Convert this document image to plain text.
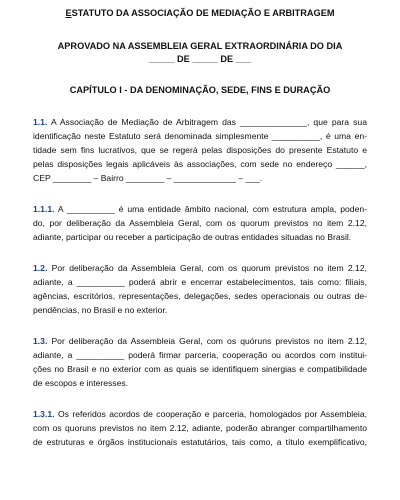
ESTATUTO DA ASSOCIAÇÃO DE MEDIAÇÃO E ARBITRAGEM
APROVADO NA ASSEMBLEIA GERAL EXTRAORDINÁRIA DO DIA
_____ DE _____ DE ___
CAPÍTULO I - DA DENOMINAÇÃO, SEDE, FINS E DURAÇÃO
1.1. A Associação de Mediação de Arbitragem das ______________, que para sua
identificação neste Estatuto será denominada simplesmente __________, é uma en-
tidade sem fins lucrativos, que se regerá pelas disposições do presente Estatuto e
pelas disposições legais aplicáveis às associações, com sede no endereço ______,
CEP ________ – Bairro ________ – _____________ – ___.
1.1.1. A __________ é uma entidade âmbito nacional, com estrutura ampla, poden-
do, por deliberação da Assembleia Geral, com os quorum previstos no item 2.12,
adiante, participar ou receber a participação de outras entidades situadas no Brasil.
1.2. Por deliberação da Assembleia Geral, com os quorum previstos no item 2.12,
adiante, a __________ poderá abrir e encerrar estabelecimentos, tais como: filiais,
agências, escritórios, representações, delegações, sedes operacionais ou outras de-
pendências, no Brasil e no exterior.
1.3. Por deliberação da Assembleia Geral, com os quóruns previstos no item 2.12,
adiante, a __________ poderá firmar parceria, cooperação ou acordos com institui-
ções no Brasil e no exterior com as quais se identifiquem sinergias e compatibilidade
de escopos e interesses.
1.3.1. Os referidos acordos de cooperação e parceria, homologados por Assembleia,
com os quoruns previstos no item 2.12, adiante, poderão abranger compartilhamento
de estruturas e órgãos institucionais estatutários, tais como, a título exemplificativo,
